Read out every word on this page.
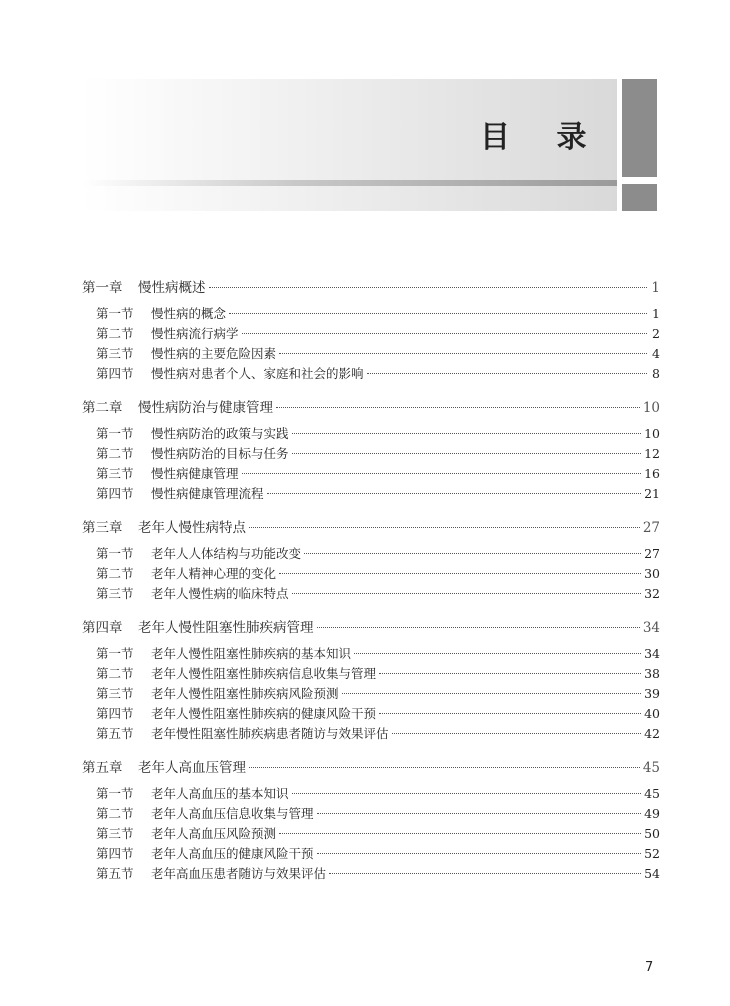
目 录
第一章	慢性病概述	1
第一节	慢性病的概念	1
第二节	慢性病流行病学	2
第三节	慢性病的主要危险因素	4
第四节	慢性病对患者个人、家庭和社会的影响	8
第二章	慢性病防治与健康管理	10
第一节	慢性病防治的政策与实践	10
第二节	慢性病防治的目标与任务	12
第三节	慢性病健康管理	16
第四节	慢性病健康管理流程	21
第三章	老年人慢性病特点	27
第一节	老年人人体结构与功能改变	27
第二节	老年人精神心理的变化	30
第三节	老年人慢性病的临床特点	32
第四章	老年人慢性阻塞性肺疾病管理	34
第一节	老年人慢性阻塞性肺疾病的基本知识	34
第二节	老年人慢性阻塞性肺疾病信息收集与管理	38
第三节	老年人慢性阻塞性肺疾病风险预测	39
第四节	老年人慢性阻塞性肺疾病的健康风险干预	40
第五节	老年慢性阻塞性肺疾病患者随访与效果评估	42
第五章	老年人高血压管理	45
第一节	老年人高血压的基本知识	45
第二节	老年人高血压信息收集与管理	49
第三节	老年人高血压风险预测	50
第四节	老年人高血压的健康风险干预	52
第五节	老年高血压患者随访与效果评估	54
7
